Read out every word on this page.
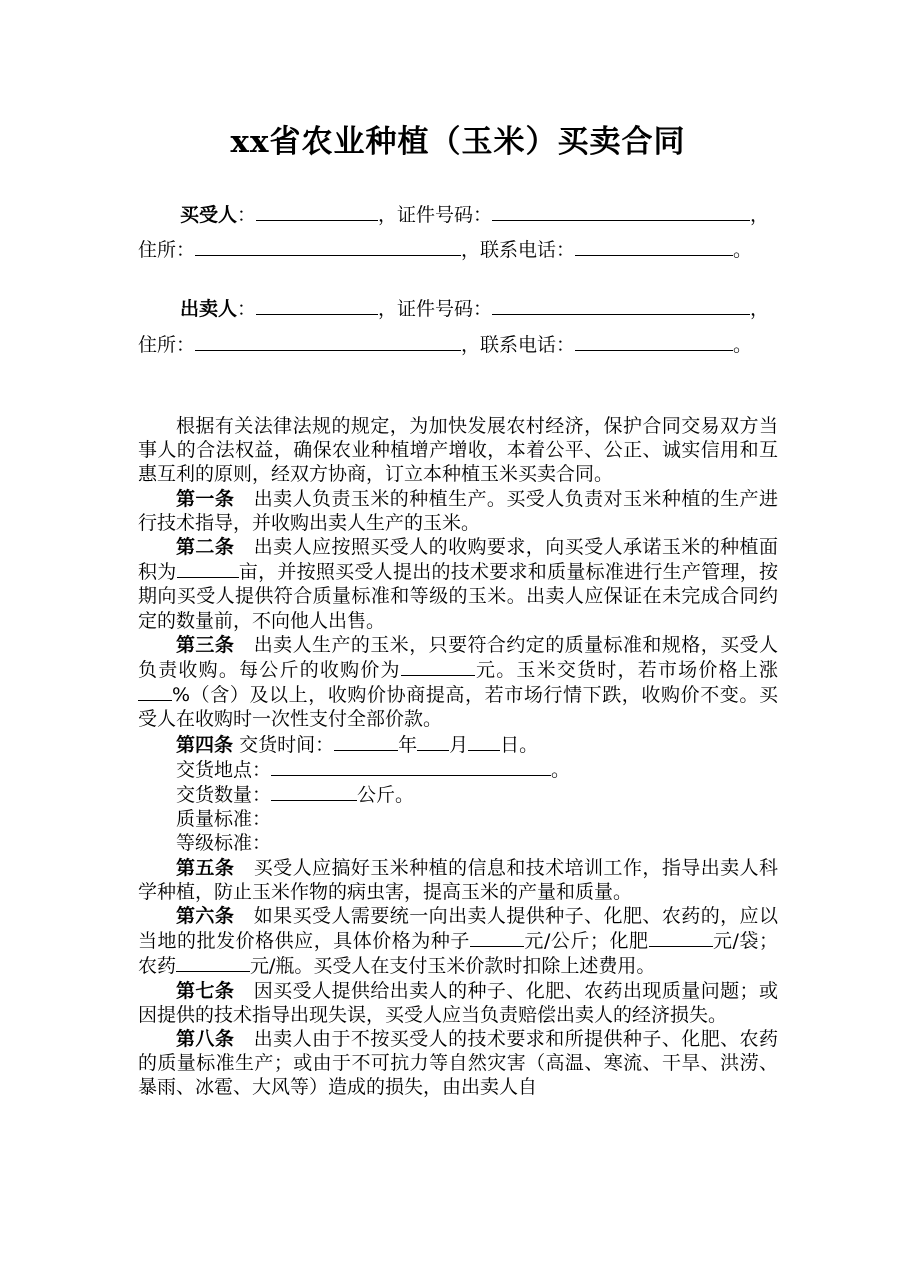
xx省农业种植（玉米）买卖合同
买受人：	，证件号码：	，
住所：	，联系电话：	。
出卖人：	，证件号码：	，
住所：	，联系电话：	。

根据有关法律法规的规定，为加快发展农村经济，保护合同交易双方当事人的合法权益，确保农业种植增产增收，本着公平、公正、诚实信用和互惠互利的原则，经双方协商，订立本种植玉米买卖合同。

第一条 出卖人负责玉米的种植生产。买受人负责对玉米种植的生产进行技术指导，并收购出卖人生产的玉米。

第二条 出卖人应按照买受人的收购要求，向买受人承诺玉米的种植面积为	亩，并按照买受人提出的技术要求和质量标准进行生产管理，按期向买受人提供符合质量标准和等级的玉米。出卖人应保证在未完成合同约定的数量前，不向他人出售。

第三条 出卖人生产的玉米，只要符合约定的质量标准和规格，买受人负责收购。每公斤的收购价为	元。玉米交货时，若市场价格上涨%（含）及以上，收购价协商提高，若市场行情下跌，收购价不变。买受人在收购时一次性支付全部价款。

第四条 交货时间：	年 月 日。

交货地点：	。

交货数量：	公斤。

质量标准：

等级标准：

第五条 买受人应搞好玉米种植的信息和技术培训工作，指导出卖人科学种植，防止玉米作物的病虫害，提高玉米的产量和质量。

第六条 如果买受人需要统一向出卖人提供种子、化肥、农药的，应以当地的批发价格供应，具体价格为种子	元/公斤；化肥	元/袋；农药	元/瓶。买受人在支付玉米价款时扣除上述费用。

第七条 因买受人提供给出卖人的种子、化肥、农药出现质量问题；或因提供的技术指导出现失误，买受人应当负责赔偿出卖人的经济损失。

第八条 出卖人由于不按买受人的技术要求和所提供种子、化肥、农药的质量标准生产；或由于不可抗力等自然灾害（高温、寒流、干旱、洪涝、暴雨、冰雹、大风等）造成的损失，由出卖人自
